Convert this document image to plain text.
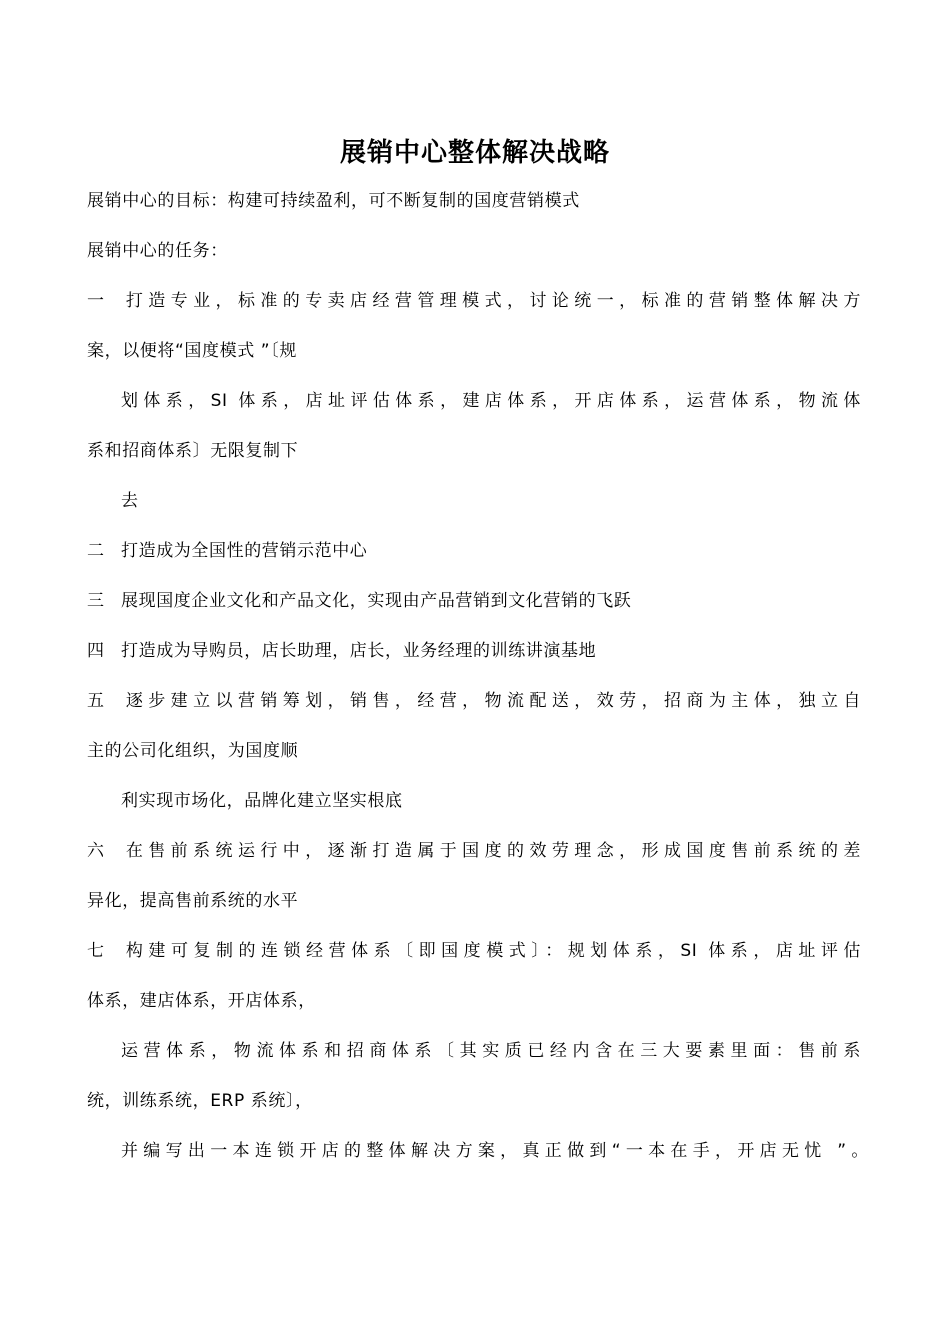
展销中心整体解决战略
展销中心的目标：构建可持续盈利，可不断复制的国度营销模式
展销中心的任务：
一 打造专业，标准的专卖店经营管理模式，讨论统一，标准的营销整体解决方
案，以便将“国度模式 ”〔规
划体系，SI 体系，店址评估体系，建店体系，开店体系，运营体系，物流体
系和招商体系〕无限复制下
去
二 打造成为全国性的营销示范中心
三 展现国度企业文化和产品文化，实现由产品营销到文化营销的飞跃
四 打造成为导购员，店长助理，店长，业务经理的训练讲演基地
五 逐步建立以营销筹划，销售，经营，物流配送，效劳，招商为主体，独立自
主的公司化组织，为国度顺
利实现市场化，品牌化建立坚实根底
六 在售前系统运行中，逐渐打造属于国度的效劳理念，形成国度售前系统的差
异化，提高售前系统的水平
七 构建可复制的连锁经营体系〔即国度模式〕：规划体系，SI 体系，店址评估
体系，建店体系，开店体系，
运营体系，物流体系和招商体系〔其实质已经内含在三大要素里面：售前系
统，训练系统，ERP 系统〕，
并编写出一本连锁开店的整体解决方案，真正做到“一本在手，开店无忧 ”。
